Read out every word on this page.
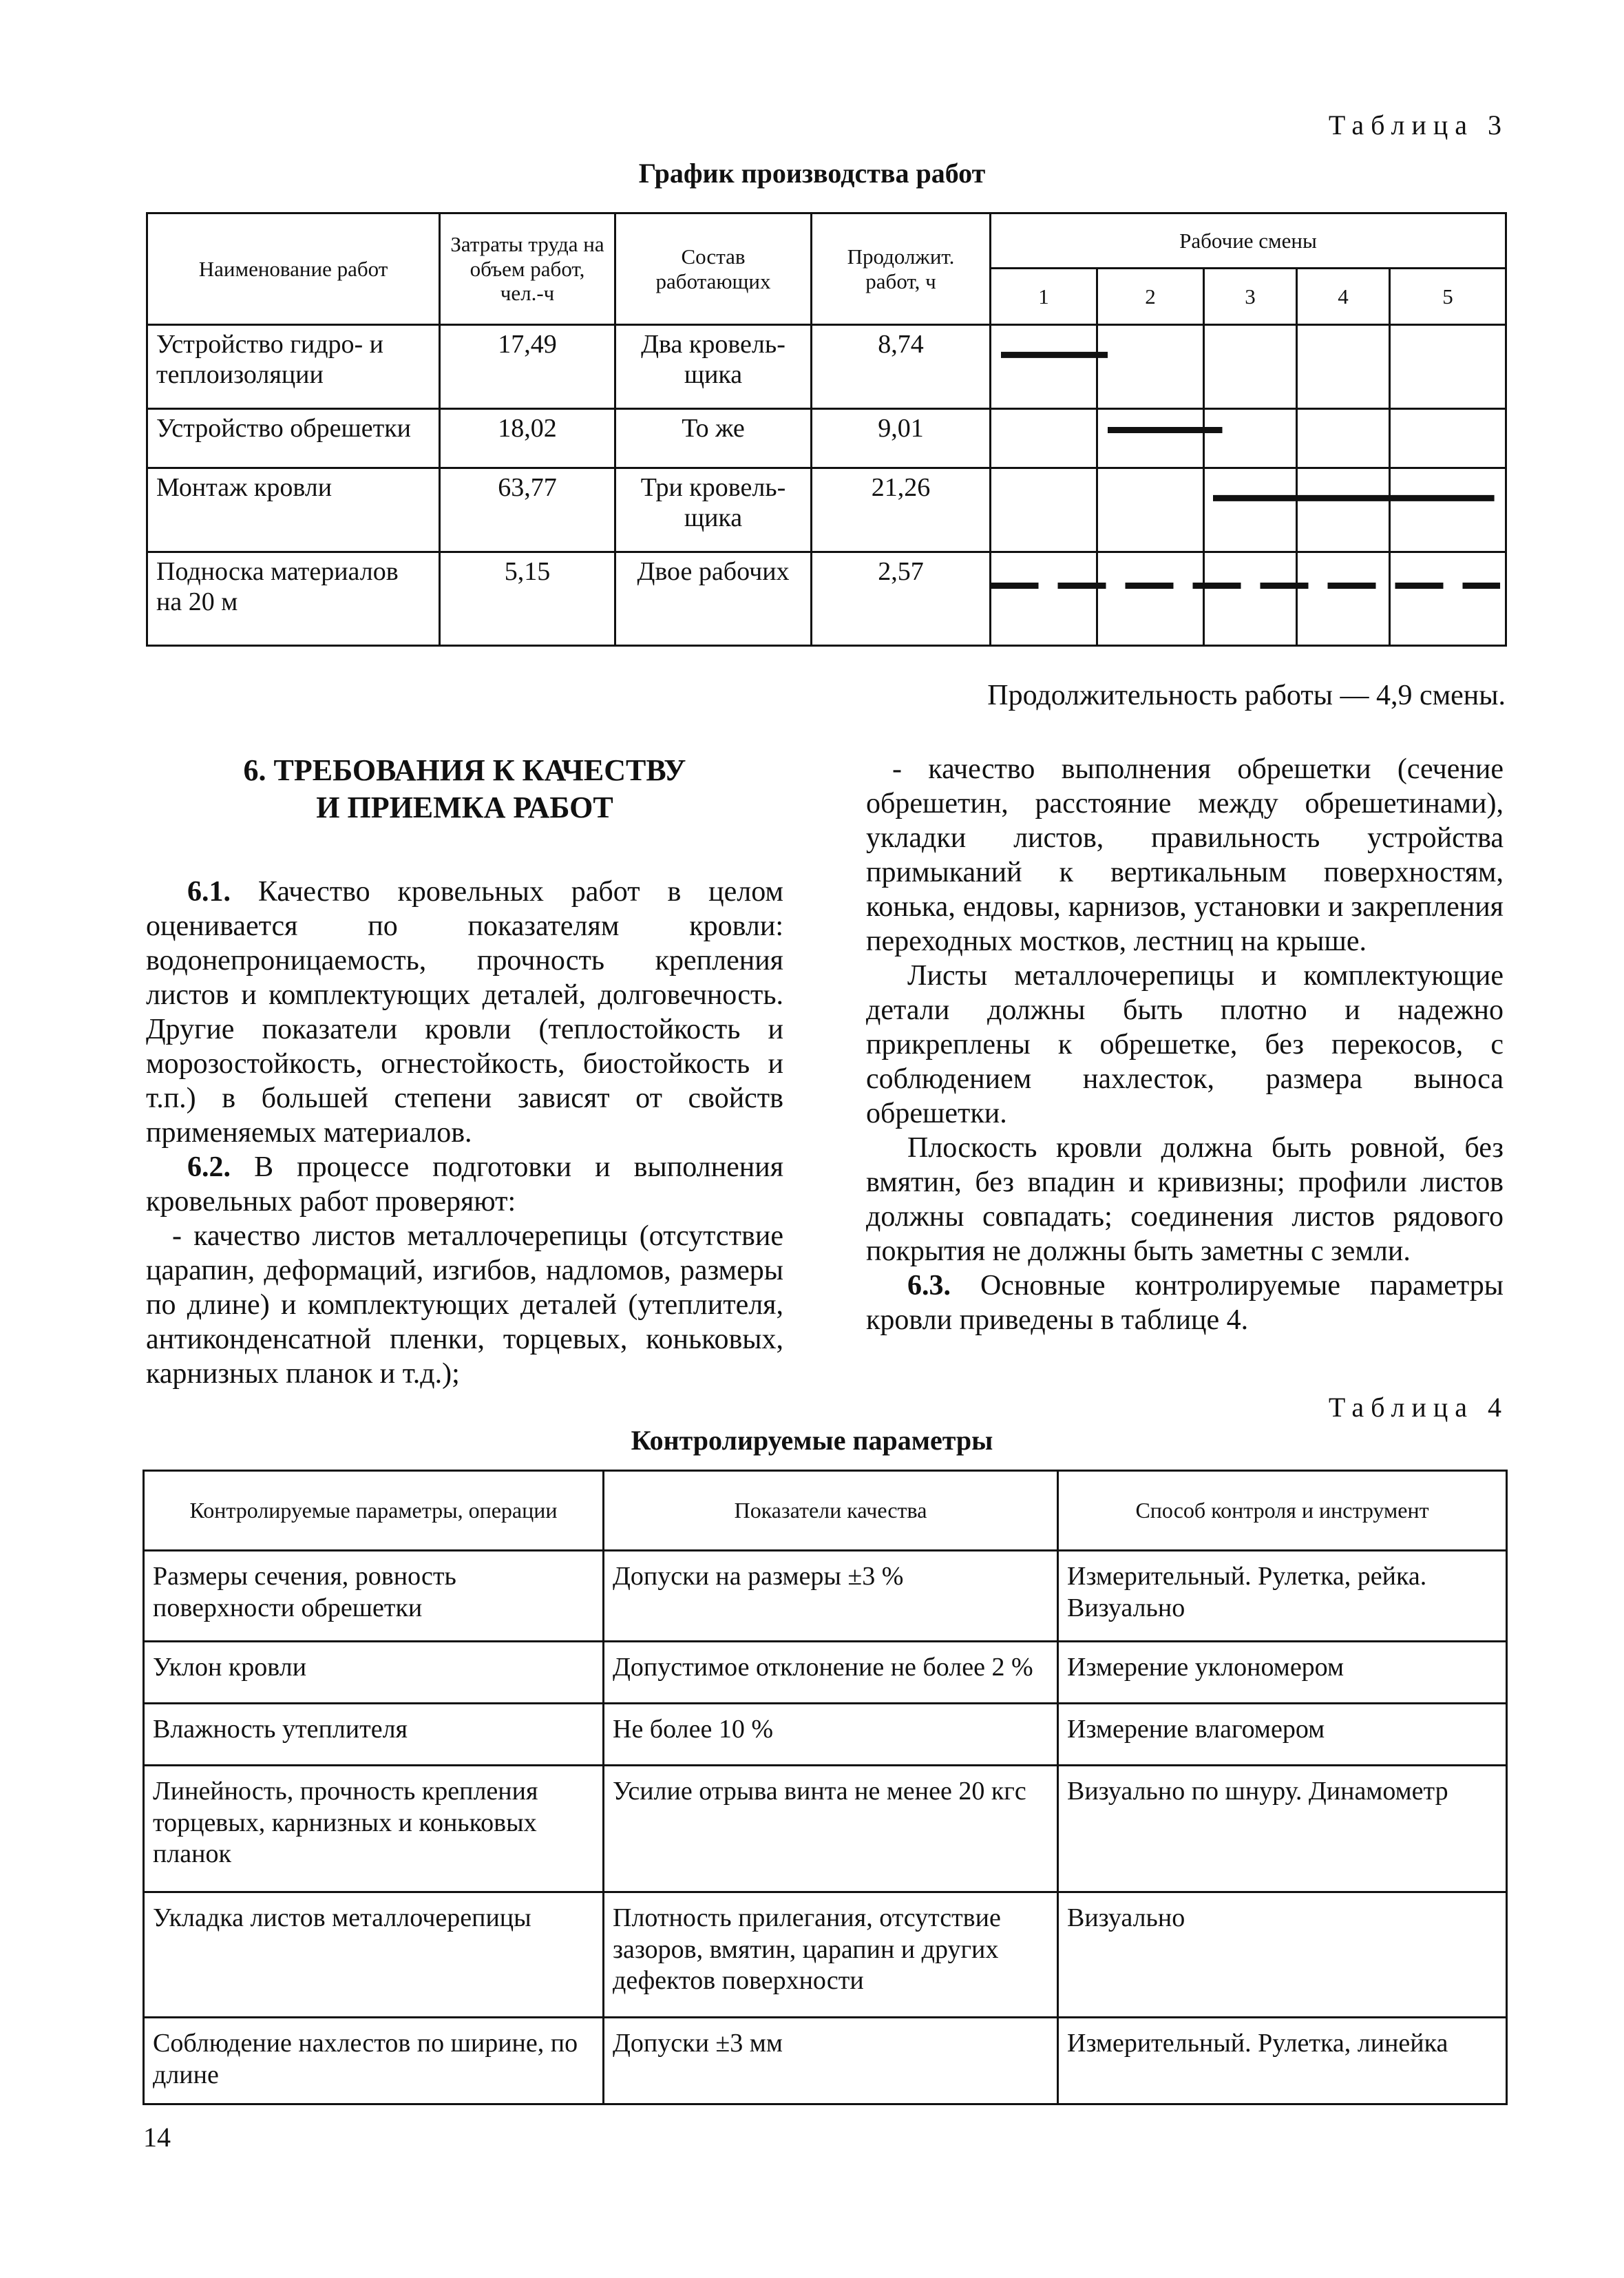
Таблица 3
График производства работ
Наименование работ	Затраты труда на объем работ, чел.-ч	Состав работающих	Продолжит. работ, ч	Рабочие смены				
				1	2	3	4	5
Устройство гидро- и теплоизоляции	17,49	Два кровель-щика	8,74					
Устройство обрешетки	18,02	То же	9,01					
Монтаж кровли	63,77	Три кровель-щика	21,26					
Подноска материалов на 20 м	5,15	Двое рабочих	2,57					
Продолжительность работы — 4,9 смены.
6. ТРЕБОВАНИЯ К КАЧЕСТВУ
И ПРИЕМКА РАБОТ

6.1. Качество кровельных работ в целом оценивается по показателям кровли: водонепроницаемость, прочность крепления листов и комплектующих деталей, долговечность. Другие показатели кровли (теплостойкость и морозостойкость, огнестойкость, биостойкость и т.п.) в большей степени зависят от свойств применяемых материалов.

6.2. В процессе подготовки и выполнения кровельных работ проверяют:

- качество листов металлочерепицы (отсутствие царапин, деформаций, изгибов, надломов, размеры по длине) и комплектующих деталей (утеплителя, антиконденсатной пленки, торцевых, коньковых, карнизных планок и т.д.);

- качество выполнения обрешетки (сечение обрешетин, расстояние между обрешетинами), укладки листов, правильность устройства примыканий к вертикальным поверхностям, конька, ендовы, карнизов, установки и закрепления переходных мостков, лестниц на крыше.

Листы металлочерепицы и комплектующие детали должны быть плотно и надежно прикреплены к обрешетке, без перекосов, с соблюдением нахлесток, размера выноса обрешетки.

Плоскость кровли должна быть ровной, без вмятин, без впадин и кривизны; профили листов должны совпадать; соединения листов рядового покрытия не должны быть заметны с земли.

6.3. Основные контролируемые параметры кровли приведены в таблице 4.

Таблица 4
Контролируемые параметры
Контролируемые параметры, операции	Показатели качества	Способ контроля и инструмент
Размеры сечения, ровность поверхности обрешетки	Допуски на размеры ±3 %	Измерительный. Рулетка, рейка. Визуально
Уклон кровли	Допустимое отклонение не более 2 %	Измерение уклономером
Влажность утеплителя	Не более 10 %	Измерение влагомером
Линейность, прочность крепления торцевых, карнизных и коньковых планок	Усилие отрыва винта не менее 20 кгс	Визуально по шнуру. Динамометр
Укладка листов металлочерепицы	Плотность прилегания, отсутствие зазоров, вмятин, царапин и других дефектов поверхности	Визуально
Соблюдение нахлестов по ширине, по длине	Допуски ±3 мм	Измерительный. Рулетка, линейка
14
